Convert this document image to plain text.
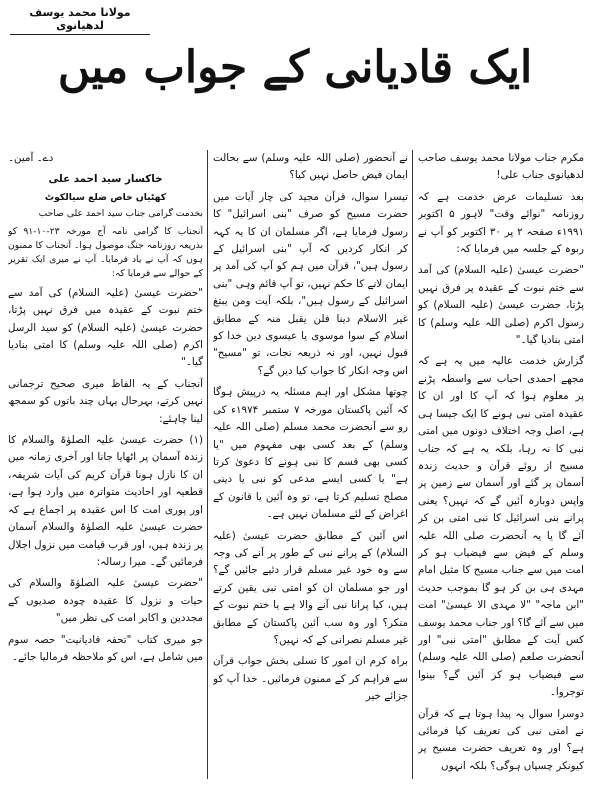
مولانا محمد یوسف لدھیانوی
ایک قادیانی کے جواب میں

مکرم جناب مولانا محمد یوسف صاحب لدھیانوی جناب علی!

بعد تسلیمات عرض خدمت ہے کہ روزنامہ "نوائے وقت" لاہور ۵ اکتوبر ۱۹۹۱ء صفحہ ۲ پر ۳۰ اکتوبر کو آپ نے ربوہ کے جلسہ میں فرمایا کہ:

"حضرت عیسیٰ (علیہ السلام) کی آمد سے ختم نبوت کے عقیدہ پر فرق نہیں پڑتا، حضرت عیسیٰ (علیہ السلام) کو رسول اکرم (صلی اللہ علیہ وسلم) کا امتی بنادیا گیا۔"

گزارش خدمت عالیہ میں یہ ہے کہ مجھے احمدی احباب سے واسطہ پڑنے پر معلوم ہوا کہ آپ کا اور ان کا عقیدہ امتی نبی ہونے کا ایک جیسا ہی ہے، اصل وجہ اختلاف دونوں میں امتی نبی کا نہ رہا، بلکہ یہ ہے کہ جناب مسیح از روئے قرآن و حدیث زندہ آسمان پر گئے اور آسمان سے زمین پر واپس دوبارہ آئیں گے کہ نہیں؟ یعنی پرانے بنی اسرائیل کا نبی امتی بن کر آئے گا یا یہ آنحضرت صلی اللہ علیہ وسلم کے فیض سے فیضیاب ہو کر امت میں سے جناب مسیح کا مثیل امام مہدی ہی بن کر ہو گا بموجب حدیث "ابن ماجہ" "لا مہدی الا عیسیٰ" امت میں سے آئے گا؟ اور جناب محمد یوسف کس آیت کے مطابق "امتی نبی" اور آنحضرت صلعم (صلی اللہ علیہ وسلم) سے فیضیاب ہو کر آئیں گے؟ بینوا توجروا۔

دوسرا سوال یہ پیدا ہوتا ہے کہ قرآن نے امتی نبی کی تعریف کیا فرمائی ہے؟ اور وہ تعریف حضرت مسیح پر کیونکر چسپاں ہوگی؟ بلکہ انہوں

نے آنحضور (صلی اللہ علیہ وسلم) سے بحالت ایمان فیض حاصل نہیں کیا؟

تیسرا سوال، قرآن مجید کی چار آیات میں حضرت مسیح کو صرف "بنی اسرائیل" کا رسول فرمایا ہے، اگر مسلمان ان کا یہ کہہ کر انکار کردیں کہ آپ "بنی اسرائیل کے رسول ہیں"، قرآن میں ہم کو آپ کی آمد پر ایمان لانے کا حکم نہیں، تو آپ قائم وہی "بنی اسرائیل کے رسول ہیں"، بلکہ آیت ومن یبتغ غیر الاسلام دینا فلن یقبل منہ کے مطابق اسلام کے سوا موسوی یا عیسوی دین خدا کو قبول نہیں، اور نہ ذریعہ نجات، تو "مسیح" اس وجہ انکار کا جواب کیا دیں گے؟

چوتھا مشکل اور اہم مسئلہ یہ درپیش ہوگا کہ آئین پاکستان مورخہ ۷ ستمبر ۱۹۷۴ء کی رو سے آنحضرت محمد مسلم (صلی اللہ علیہ وسلم) کے بعد کسی بھی مفہوم میں "یا کسی بھی قسم کا نبی ہونے کا دعویٰ کرتا ہے" یا کسی ایسے مدعی کو نبی یا دینی مصلح تسلیم کرتا ہے، تو وہ آئین یا قانون کے اغراض کے لئے مسلمان نہیں ہے۔

اس آئین کے مطابق حضرت عیسیٰ (علیہ السلام) کے پرانے نبی کے طور پر آنے کی وجہ سے وہ خود غیر مسلم قرار دئیے جائیں گے؟ اور جو مسلمان ان کو امتی نبی یقین کرتے ہیں، کیا پرانا نبی آنے والا ہے یا ختم نبوت کے منکر؟ اور وہ سب آئین پاکستان کے مطابق غیر مسلم نصرانی کے کہ نہیں؟

براہ کرم ان امور کا تسلی بخش جواب قرآن سے فراہم کر کے ممنون فرمائیں۔ خدا آپ کو جزائے خیر

دے۔ آمین۔

خاکسار سید احمد علی

کھٹیاں خاص ضلع سیالکوٹ

بخدمت گرامی جناب سید احمد علی صاحب

آنجناب کا گرامی نامہ آج مورخہ ۲۳-۱۰-۹۱ کو بذریعہ روزنامہ جنگ موصول ہوا۔ آنجناب کا ممنون ہوں کہ آپ نے یاد فرمایا۔ آپ نے میری ایک تقریر کے حوالے سے فرمایا کہ:

"حضرت عیسیٰ (علیہ السلام) کی آمد سے ختم نبوت کے عقیدہ میں فرق نہیں پڑتا، حضرت عیسیٰ (علیہ السلام) کو سید الرسل اکرم (صلی اللہ علیہ وسلم) کا امتی بنادیا گیا۔"

آنجناب کے یہ الفاظ میری صحیح ترجمانی نہیں کرتے، بہرحال یہاں چند باتوں کو سمجھ لینا چاہئے:

(۱) حضرت عیسیٰ علیہ الصلوٰۃ والسلام کا زندہ آسمان پر اٹھایا جانا اور آخری زمانہ میں ان کا نازل ہونا قرآن کریم کی آیات شریفہ، قطعیہ اور احادیث متواترہ میں وارد ہوا ہے، اور پوری امت کا اس عقیدہ پر اجماع ہے کہ حضرت عیسیٰ علیہ الصلوٰۃ والسلام آسمان پر زندہ ہیں، اور قرب قیامت میں نزول اجلال فرمائیں گے۔ میرا رسالہ:

"حضرت عیسیٰ علیہ الصلوٰۃ والسلام کی حیات و نزول کا عقیدہ چودہ صدیوں کے مجددین و اکابر امت کی نظر میں"

جو میری کتاب "تحفہ قادیانیت" حصہ سوم میں شامل ہے، اس کو ملاحظہ فرمالیا جائے۔
